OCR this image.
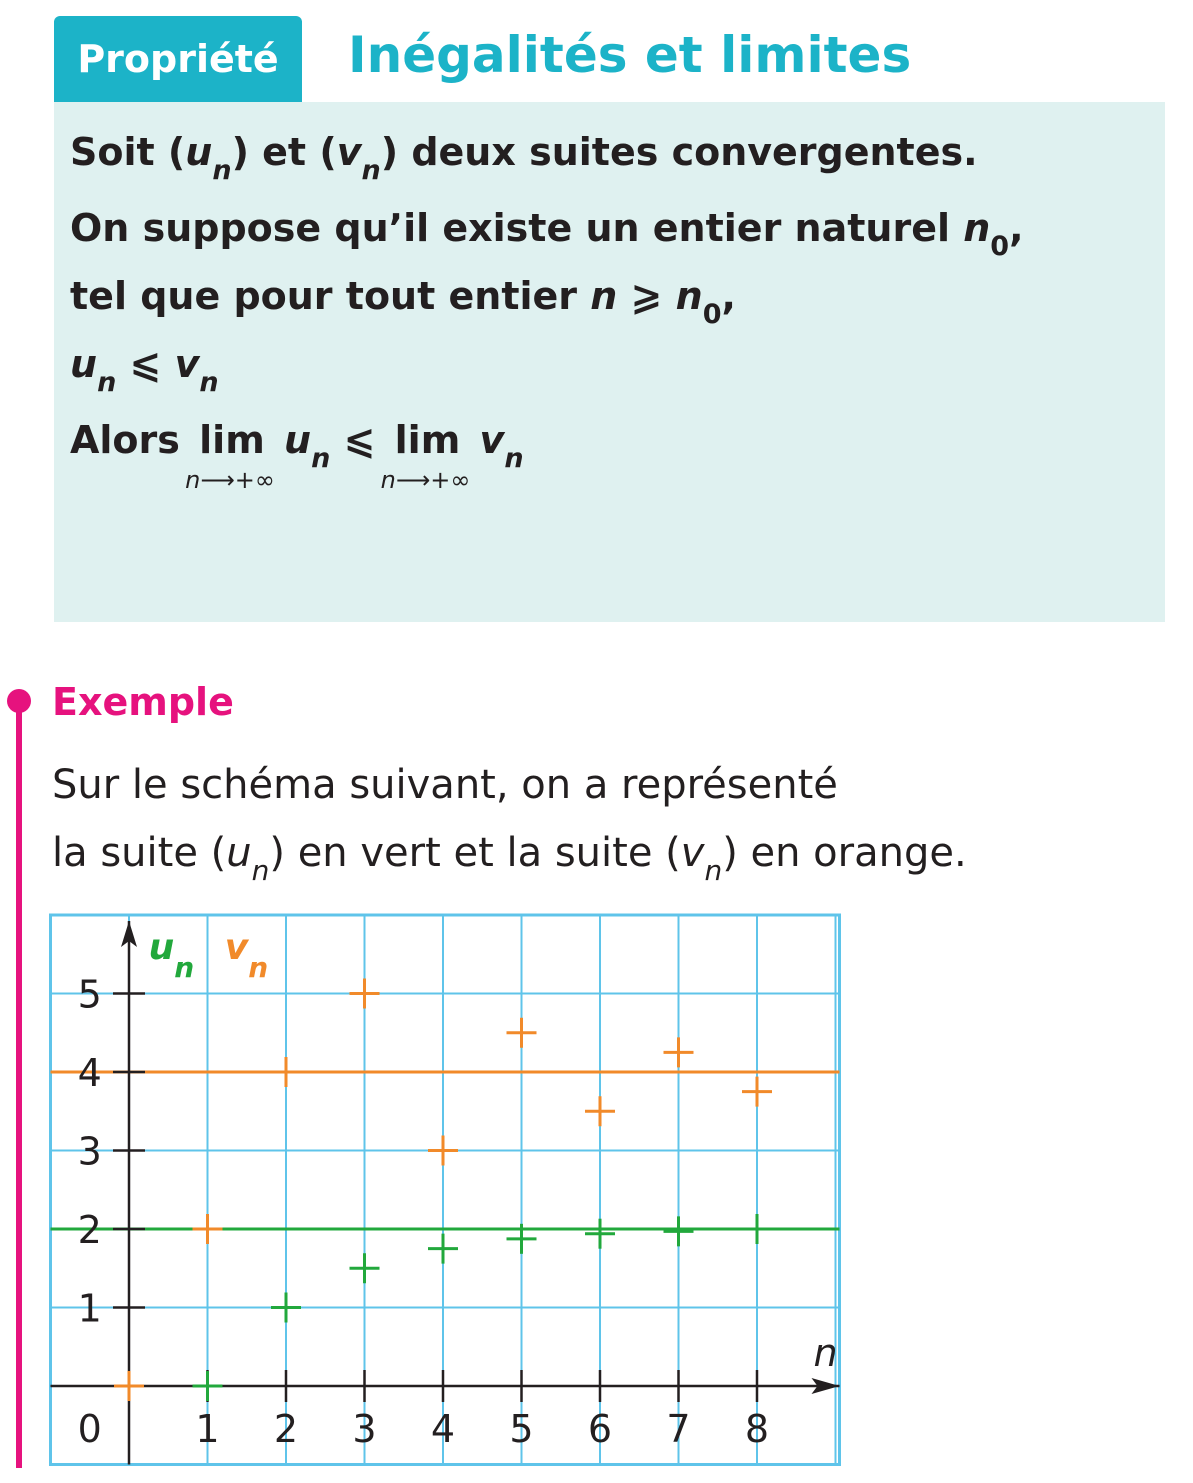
Propriété Inégalités et limites
Soit $(u_n)$ et $(v_n)$ deux suites convergentes.
On suppose qu’il existe un entier naturel $n_0$,
tel que pour tout entier n ⩾ $n_0$,
$u_n$ ⩽ $v_n$
Alors lim
n⟶+∞
$u_n$ ⩽ lim
n⟶+∞
$v_n$
Exemple
Sur le schéma suivant, on a représenté
la suite $(u_n)$ en vert et la suite $(v_n)$ en orange.
0 1 2 3 4 5 6 7 8
1
2
3
4
5
n
$u_n$ $v_n$
